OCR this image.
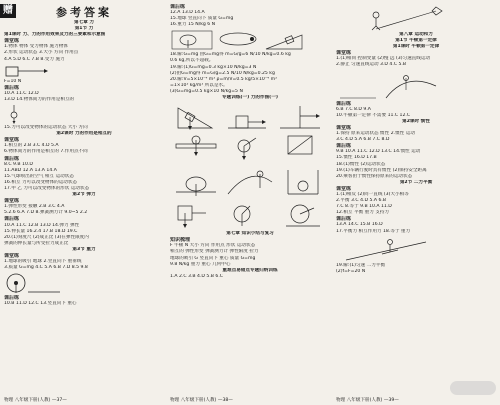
赠	参考答案
第七章 力
第1节 力
第1课时 力、力的作用效果及力的三要素和示意图
课堂练
1.物体 物体 受力物体 施力物体
2.形状 运动状态 3.大小 方向 作用点
4.A 5.D 6.C 7.B 8.受力 施力
F=10 N
课后练
10.A 11.C 12.D
13.D 14.物体间力的作用是相互的
15.力可以改变物体的运动状态 大小 方向
第2课时 力的作用是相互的
课堂练
1.相互的 2.B 3.C 4.D 5.A
6.物体间力的作用是相互的 7.作用点不同
课后练
8.C 9.B 10.D
11.ABD 12.A 13.A 14.A
15.气球喷出的空气 相互 运动状态
16.相互 力可以改变物体的运动状态
17.甲 乙 力可以改变物体的形状 运动状态
第2节 弹力
课堂练
1.弹性形变 接触 2.B 3.C 4.A
5.2.6 6.A 7.D 8.弹簧测力计 9.0~5 2.2
课后练
10.A 11.C 12.B 13.D 14.弹力 弹性
15.伸长量 16.2.4 17.B 18.D 19.C
20.(1)刻度尺 (2)成正比 (3)在弹性限度内
弹簧的伸长量与所受拉力成正比
第3节 重力
课堂练
1.地球的吸引 地球 2.竖直向下 重垂线
3.质量 G=mg 4.C 5.A 6.B 7.D 8.5 9.8
课后练
10.B 11.D 12.C 13.竖直向下 重心
课后练
12.A 13.D 14.A
15.地球 竖直向下 质量 G=mg
16.重力 15 N/kg 6 N
18.解:G=mg 由G=mg得 m=G/g=6 N/10 N/kg=0.6 kg
0.6 kg,所以不超载。
19.解:(1)G=mg=0.3 kg×10 N/kg=3 N
(2)由G=mg得 m=G/g=2.5 N/10 N/kg=0.25 kg
20.解:V=5×10⁻⁴ m³ ρ=m/V=0.5 kg/5×10⁻⁴ m³
=1×10³ kg/m³ 所以是水。
(3)G=mg=0.5 kg×10 N/kg=5 N
专题训练(一) 力的作图(一)
第七章 知识小结与复习
知识梳理
F 牛顿 N 大小 方向 作用点 形状 运动状态
相互的 弹性形变 弹簧测力计 弹性限度 拉力
地球的吸引 G 竖直向下 重心 质量 G=mg
9.8 N/kg 重力 重心 几何中心
重难点易错点专题归纳训练
1.A 2.C 3.B 4.D 5.B 6.C
第八章 运动和力
第1节 牛顿第一定律
第1课时 牛顿第一定律
课堂练
1.(1)相同 控制变量 (2)慢 远 (3)匀速直线运动
2.静止 匀速直线运动 3.D 4.C 5.B
课后练
6.B 7.C 8.D 9.A
10.牛顿第一定律 不需要 11.C 12.C
第2课时 惯性
课堂练
1.保持 原来运动状态 惯性 2.惯性 运动
3.C 4.D 5.A 6.B 7.C 8.D
课后练
9.B 10.A 11.C 12.D 13.C 14.惯性 运动
15.惯性 16.D 17.B
18.(1)惯性 (2)运动状态
19.(1)车辆行驶时具有惯性 (2)保持安全距离
20.乘客由于惯性保持原来的运动状态
第2节 二力平衡
课堂练
1.(1)相反 (2)同一直线 (3)大小相等
2.平衡 3.C 4.D 5.A 6.B
7.C 8.等于 9.B 10.A 11.D
12.相互 平衡 重力 支持力
课后练
13.A 14.C 15.B 16.D
17.平衡力 相互作用力 18.等于 重力
19.解:(1)匀速 二力平衡
(2)f=F=20 N
物理 八年级下册(人教) —37—	物理 八年级下册(人教) —38—	物理 八年级下册(人教) —39—
